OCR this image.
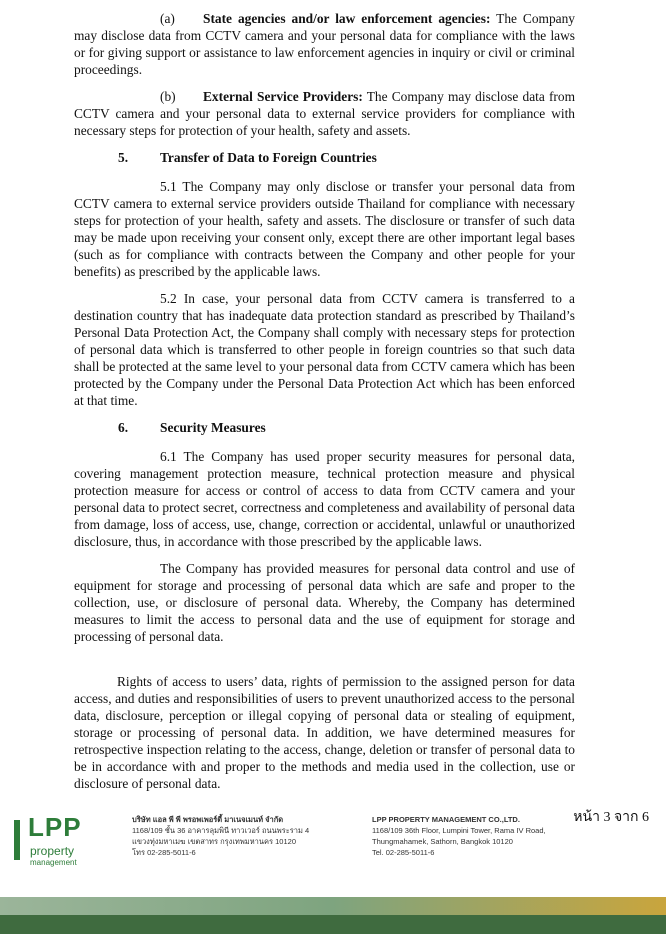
(a) State agencies and/or law enforcement agencies: The Company may disclose data from CCTV camera and your personal data for compliance with the laws or for giving support or assistance to law enforcement agencies in inquiry or civil or criminal proceedings.

(b) External Service Providers: The Company may disclose data from CCTV camera and your personal data to external service providers for compliance with necessary steps for protection of your health, safety and assets.

5.	Transfer of Data to Foreign Countries

5.1 The Company may only disclose or transfer your personal data from CCTV camera to external service providers outside Thailand for compliance with necessary steps for protection of your health, safety and assets. The disclosure or transfer of such data may be made upon receiving your consent only, except there are other important legal bases (such as for compliance with contracts between the Company and other people for your benefits) as prescribed by the applicable laws.

5.2 In case, your personal data from CCTV camera is transferred to a destination country that has inadequate data protection standard as prescribed by Thailand’s Personal Data Protection Act, the Company shall comply with necessary steps for protection of personal data which is transferred to other people in foreign countries so that such data shall be protected at the same level to your personal data from CCTV camera which has been protected by the Company under the Personal Data Protection Act which has been enforced at that time.

6.	Security Measures

6.1 The Company has used proper security measures for personal data, covering management protection measure, technical protection measure and physical protection measure for access or control of access to data from CCTV camera and your personal data to protect secret, correctness and completeness and availability of personal data from damage, loss of access, use, change, correction or accidental, unlawful or unauthorized disclosure, thus, in accordance with those prescribed by the applicable laws.

The Company has provided measures for personal data control and use of equipment for storage and processing of personal data which are safe and proper to the collection, use, or disclosure of personal data. Whereby, the Company has determined measures to limit the access to personal data and the use of equipment for storage and processing of personal data.

Rights of access to users’ data, rights of permission to the assigned person for data access, and duties and responsibilities of users to prevent unauthorized access to the personal data, disclosure, perception or illegal copying of personal data or stealing of equipment, storage or processing of personal data. In addition, we have determined measures for retrospective inspection relating to the access, change, deletion or transfer of personal data to be in accordance with and proper to the methods and media used in the collection, use or disclosure of personal data.

หน้า 3 จาก 6
LPP
property
management
บริษัท แอล พี พี พรอพเพอร์ตี้ มาเนจเมนท์ จำกัด
1168/109 ชั้น 36 อาคารลุมพินี ทาวเวอร์ ถนนพระราม 4
แขวงทุ่งมหาเมฆ เขตสาทร กรุงเทพมหานคร 10120
โทร 02-285-5011-6
LPP PROPERTY MANAGEMENT CO.,LTD.
1168/109 36th Floor, Lumpini Tower, Rama IV Road,
Thungmahamek, Sathorn, Bangkok 10120
Tel. 02-285-5011-6
